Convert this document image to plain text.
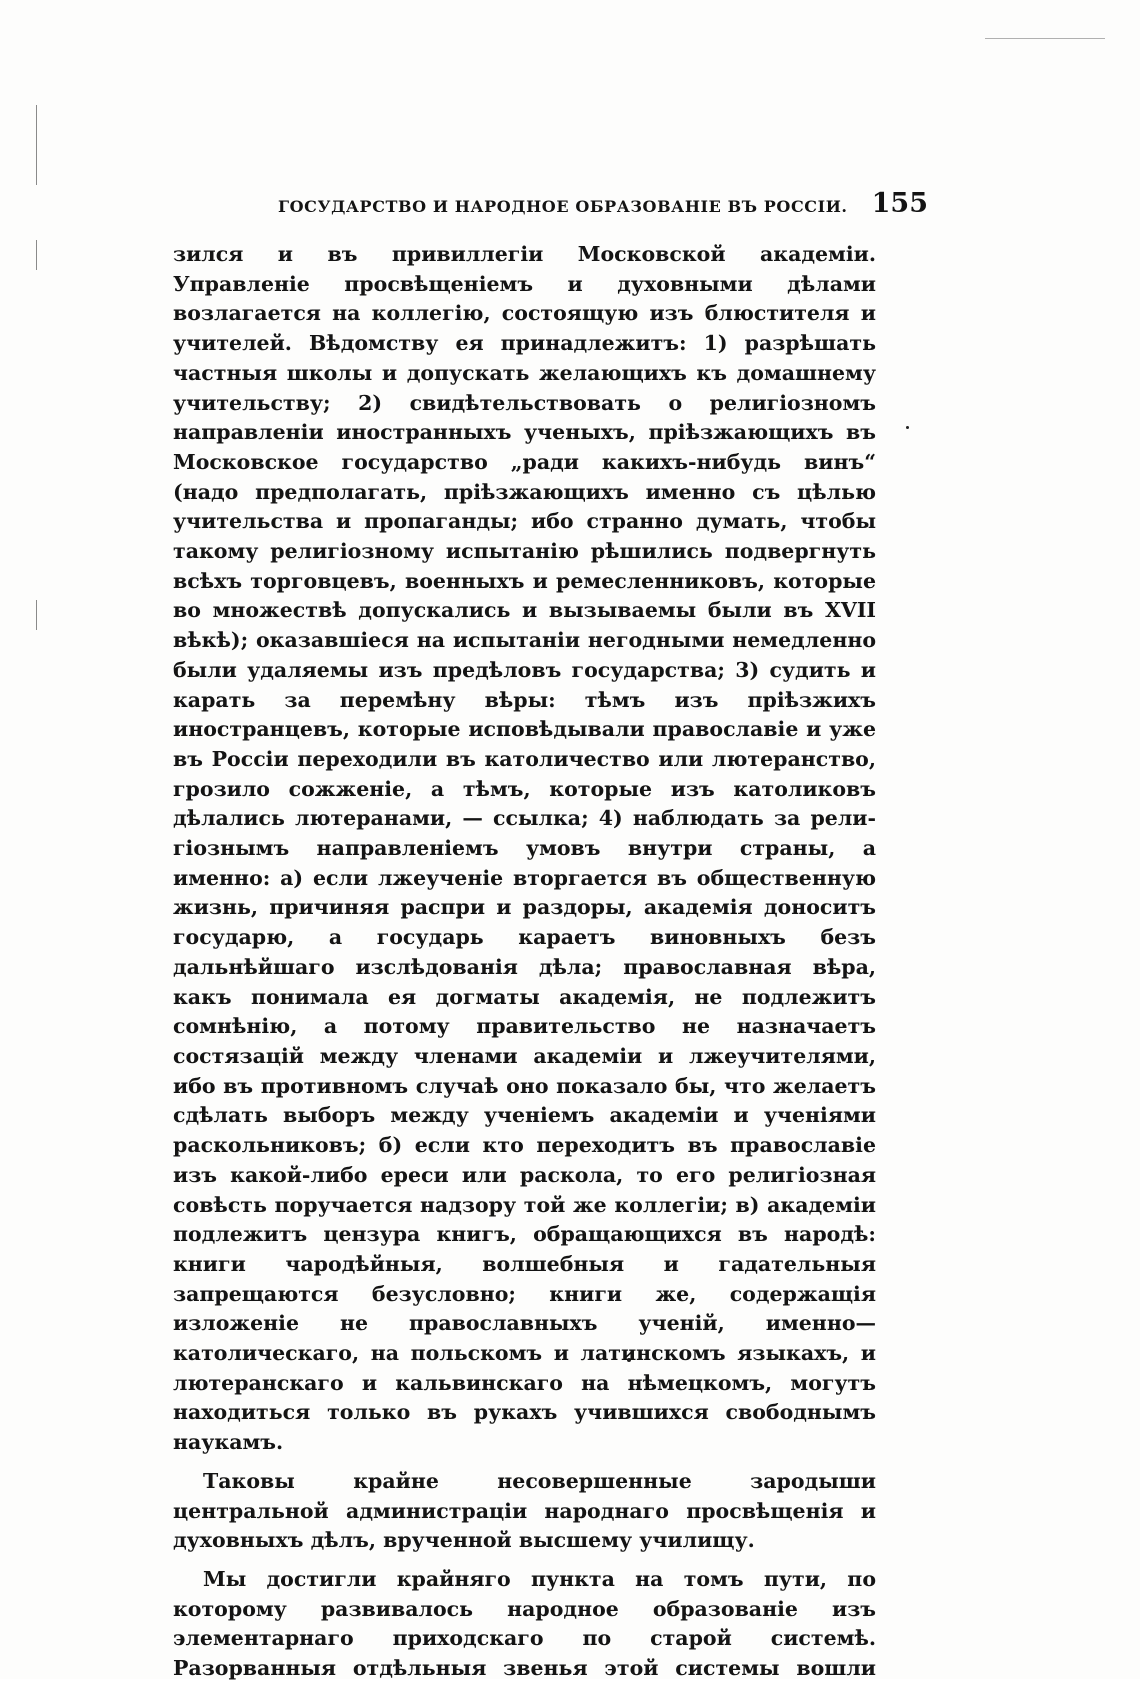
ГОСУДАРСТВО И НАРОДНОЕ ОБРАЗОВАНІЕ ВЪ РОССІИ. 155

зился и въ привиллегіи Московской академіи. Управленіе просвѣщеніемъ и духовными дѣлами возлагается на коллегію, состоящую изъ блюстителя и учителей. Вѣдомству ея принадлежитъ: 1) разрѣшать частныя школы и допускать желающихъ къ домашнему учительству; 2) свидѣтельствовать о религіозномъ направленіи иностранныхъ ученыхъ, пріѣзжающихъ въ Московское государство „ради какихъ-нибудь винъ“ (надо предполагать, пріѣзжающихъ именно съ цѣлью учительства и пропаганды; ибо странно думать, чтобы такому религіозному испытанію рѣшились подвергнуть всѣхъ торговцевъ, военныхъ и ремесленниковъ, которые во множествѣ допускались и вызываемы были въ XVII вѣкѣ); оказавшіеся на испытаніи негодными немедленно были удаляемы изъ предѣловъ государства; 3) судить и карать за перемѣну вѣры: тѣмъ изъ пріѣзжихъ иностранцевъ, которые исповѣдывали православіе и уже въ Россіи переходили въ католичество или лютеранство, грозило сожженіе, а тѣмъ, которые изъ католиковъ дѣлались лютеранами, — ссылка; 4) наблюдать за религіознымъ направленіемъ умовъ внутри страны, а именно: а) если лжеученіе вторгается въ общественную жизнь, причиняя распри и раздоры, академія доноситъ государю, а государь караетъ виновныхъ безъ дальнѣйшаго изслѣдованія дѣла; православная вѣра, какъ понимала ея догматы академія, не подлежитъ сомнѣнію, а потому правительство не назначаетъ состязацій между членами академіи и лжеучителями, ибо въ противномъ случаѣ оно показало бы, что желаетъ сдѣлать выборъ между ученіемъ академіи и ученіями раскольниковъ; б) если кто переходитъ въ православіе изъ какой-либо ереси или раскола, то его религіозная совѣсть поручается надзору той же коллегіи; в) академіи подлежитъ цензура книгъ, обращающихся въ народѣ: книги чародѣйныя, волшебныя и гадательныя запрещаются безусловно; книги же, содержащія изложеніе не православныхъ ученій, именно—католическаго, на польскомъ и латинскомъ языкахъ, и лютеранскаго и кальвинскаго на нѣмецкомъ, могутъ находиться только въ рукахъ учившихся свободнымъ наукамъ.

Таковы крайне несовершенные зародыши центральной администраціи народнаго просвѣщенія и духовныхъ дѣлъ, врученной высшему училищу.

Мы достигли крайняго пункта на томъ пути, по которому развивалось народное образованіе изъ элементарнаго приходскаго по старой системѣ. Разорванныя отдѣльныя звенья этой системы вошли
